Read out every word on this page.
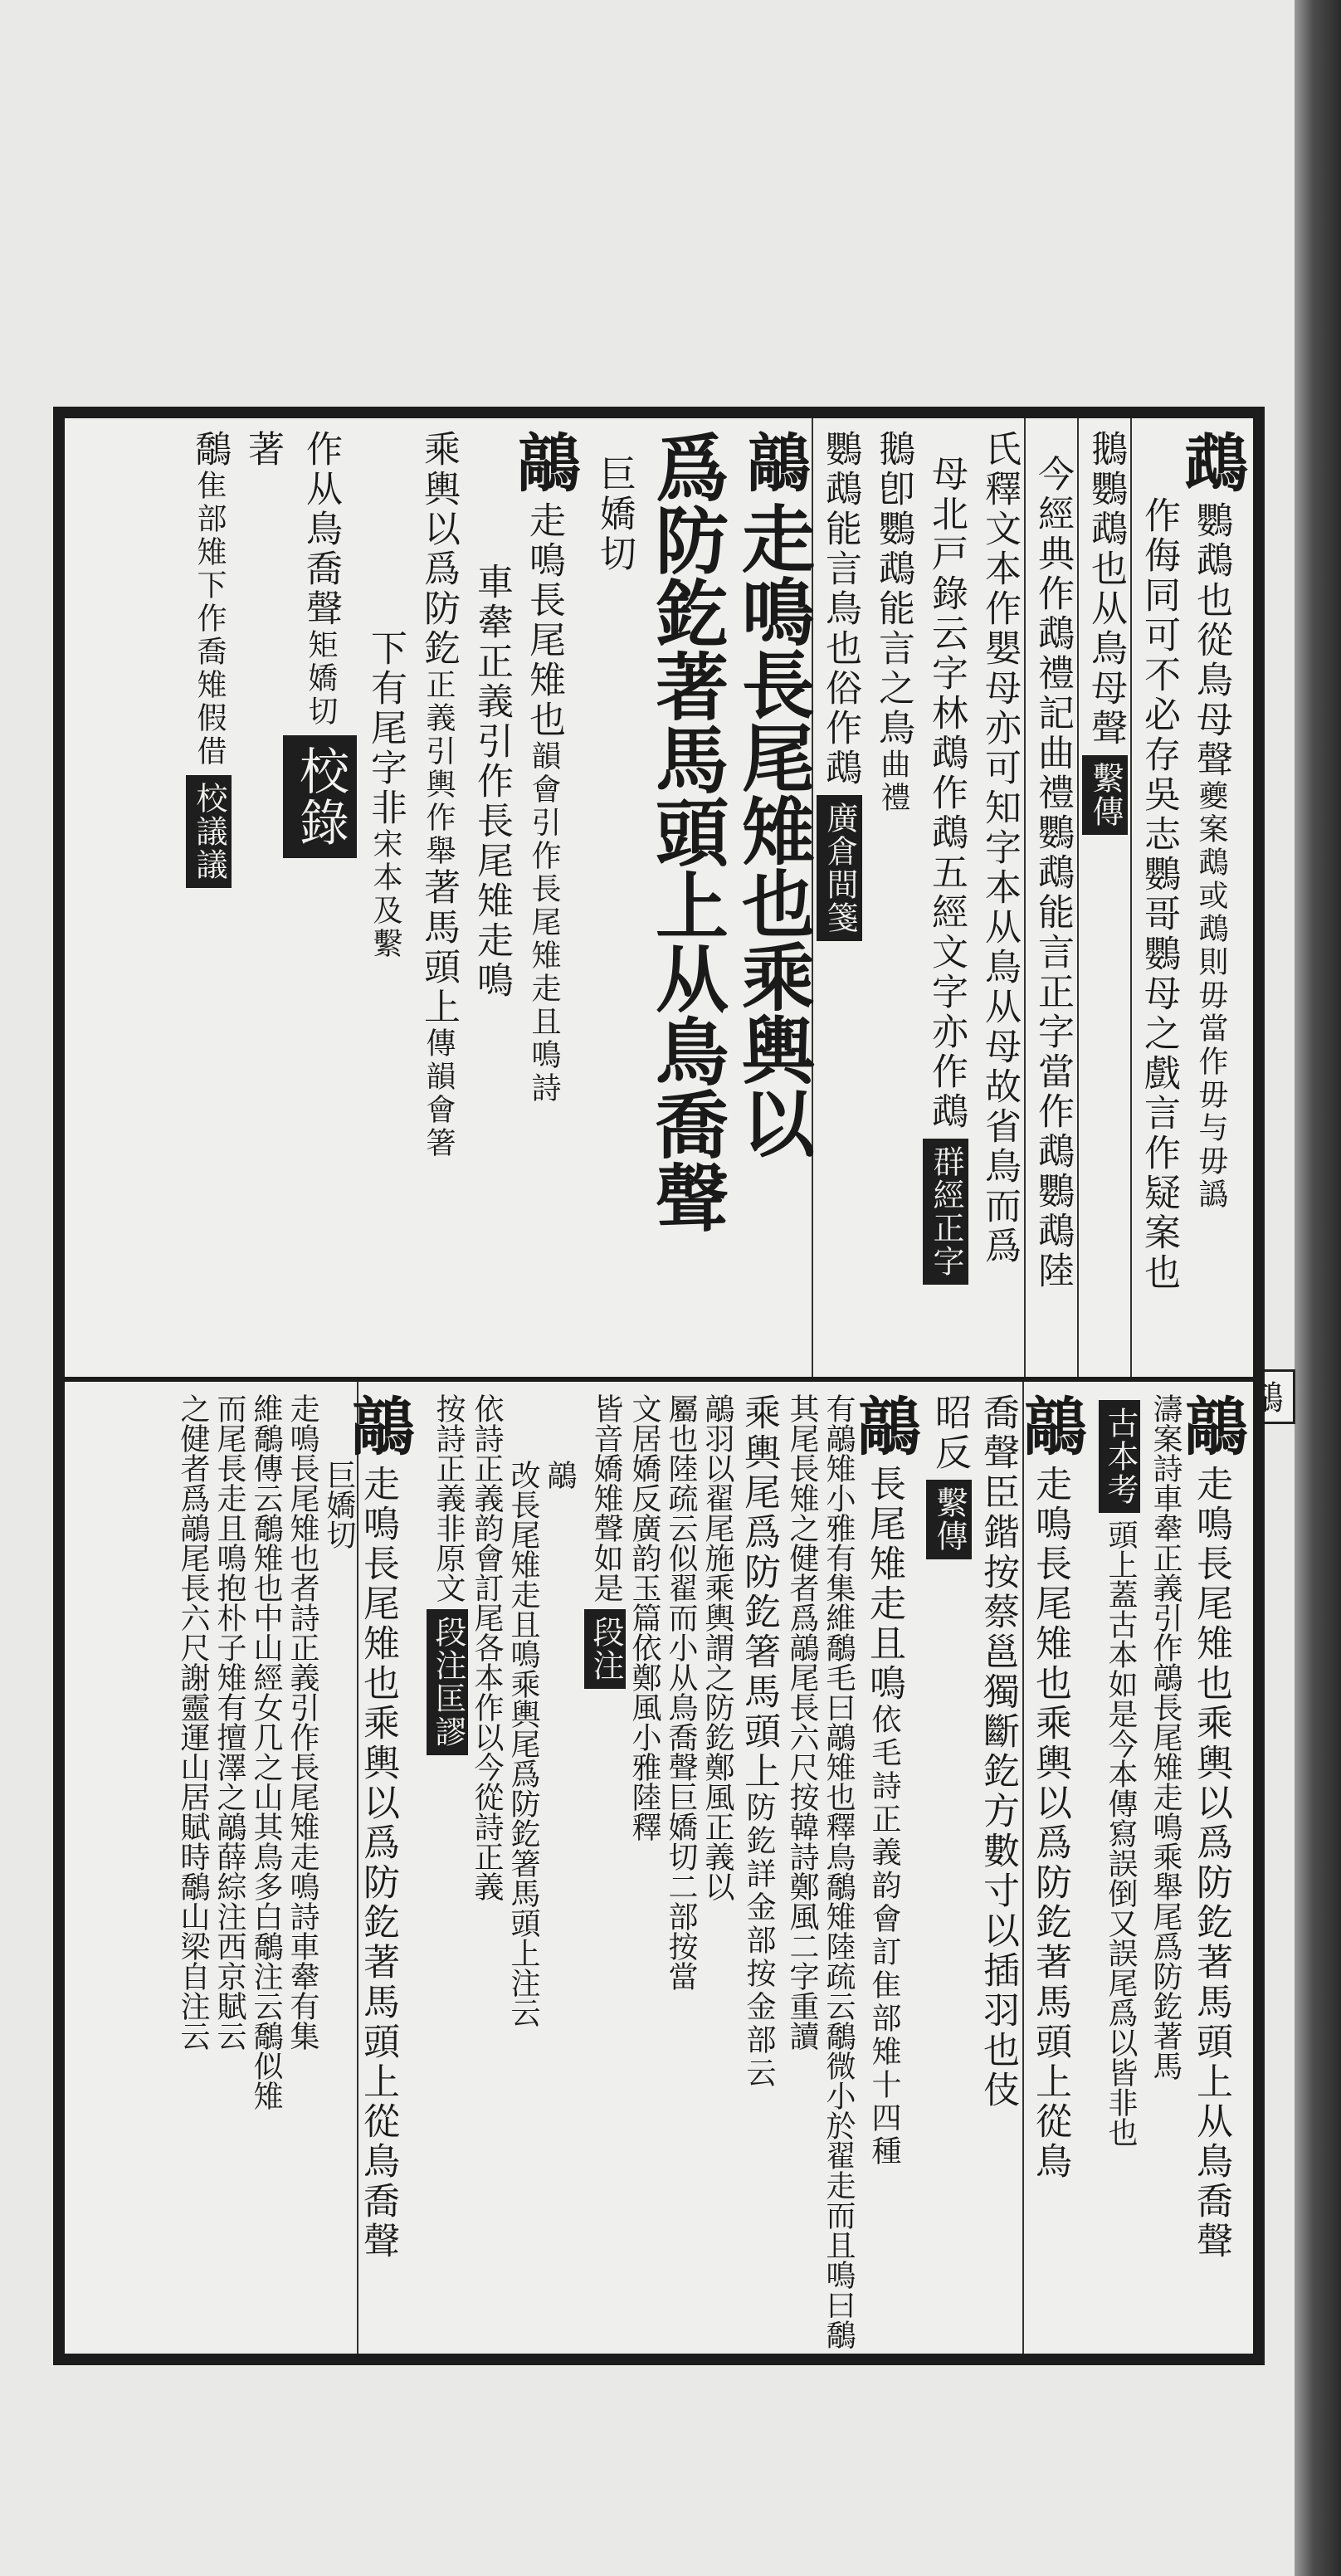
鵡鸚鵡也從鳥母聲夔案鵡或鵡則毋當作毋与毋譌
作侮同可不必存吳志鸚哥鸚母之戲言作疑案也
鵝鸚鵡也从鳥母聲繫傳
今經典作鵡禮記曲禮鸚鵡能言正字當作鵡鸚鵡陸
氏釋文本作嬰母亦可知字本从鳥从母故省鳥而爲
母北戸錄云字林鵡作鵡五經文字亦作鵡群經正字
鵝卽鸚鵡能言之鳥曲禮
鸚鵡能言鳥也俗作鵡廣倉間箋
鶮走鳴長尾雉也乘輿以
爲防釳著馬頭上从鳥喬聲
巨嬌切
鶮走鳴長尾雉也韻會引作長尾雉走且鳴詩
車舝正義引作長尾雉走鳴
乘輿以爲防釳正義引輿作舉著馬頭上傳韻會箸
下有尾字非宋本及繫
作从鳥喬聲矩嬌切校錄
著
鷮隹部雉下作喬雉假借校議議
鶮走鳴長尾雉也乘輿以爲防釳著馬頭上从鳥喬聲
濤案詩車舝正義引作鶮長尾雉走鳴乘舉尾爲防釳著馬
古本考頭上蓋古本如是今本傳寫誤倒又誤尾爲以皆非也
鶮走鳴長尾雉也乘輿以爲防釳著馬頭上從鳥
喬聲臣鍇按蔡邕獨斷釳方數寸以插羽也伎
昭反繫傳
鶮長尾雉走且鳴依毛詩正義韵會訂隹部雉十四種
有鶮雉小雅有集維鷮毛曰鶮雉也釋鳥鷮雉陸疏云鷮微小於翟走而且鳴曰鷮
其尾長雉之健者爲鶮尾長六尺按韓詩鄭風二字重讀
乘輿尾爲防釳箸馬頭上防釳詳金部按金部云
鶮羽以翟尾施乘輿謂之防釳鄭風正義以
屬也陸疏云似翟而小从鳥喬聲巨嬌切二部按當
文居嬌反廣韵玉篇依鄭風小雅陸釋
皆音嬌雉聲如是段注
鶮
改長尾雉走且鳴乘輿尾爲防釳箸馬頭上注云
依詩正義韵會訂尾各本作以今從詩正義
按詩正義非原文段注匡謬
鶮走鳴長尾雉也乘輿以爲防釳著馬頭上從鳥喬聲
巨嬌切
走鳴長尾雉也者詩正義引作長尾雉走鳴詩車舝有集
維鷮傳云鷮雉也中山經女几之山其鳥多白鷮注云鷮似雉
而尾長走且鳴抱朴子雉有擅澤之鶮薛綜注西京賦云
之健者爲鶮尾長六尺謝靈運山居賦時鷮山梁自注云
